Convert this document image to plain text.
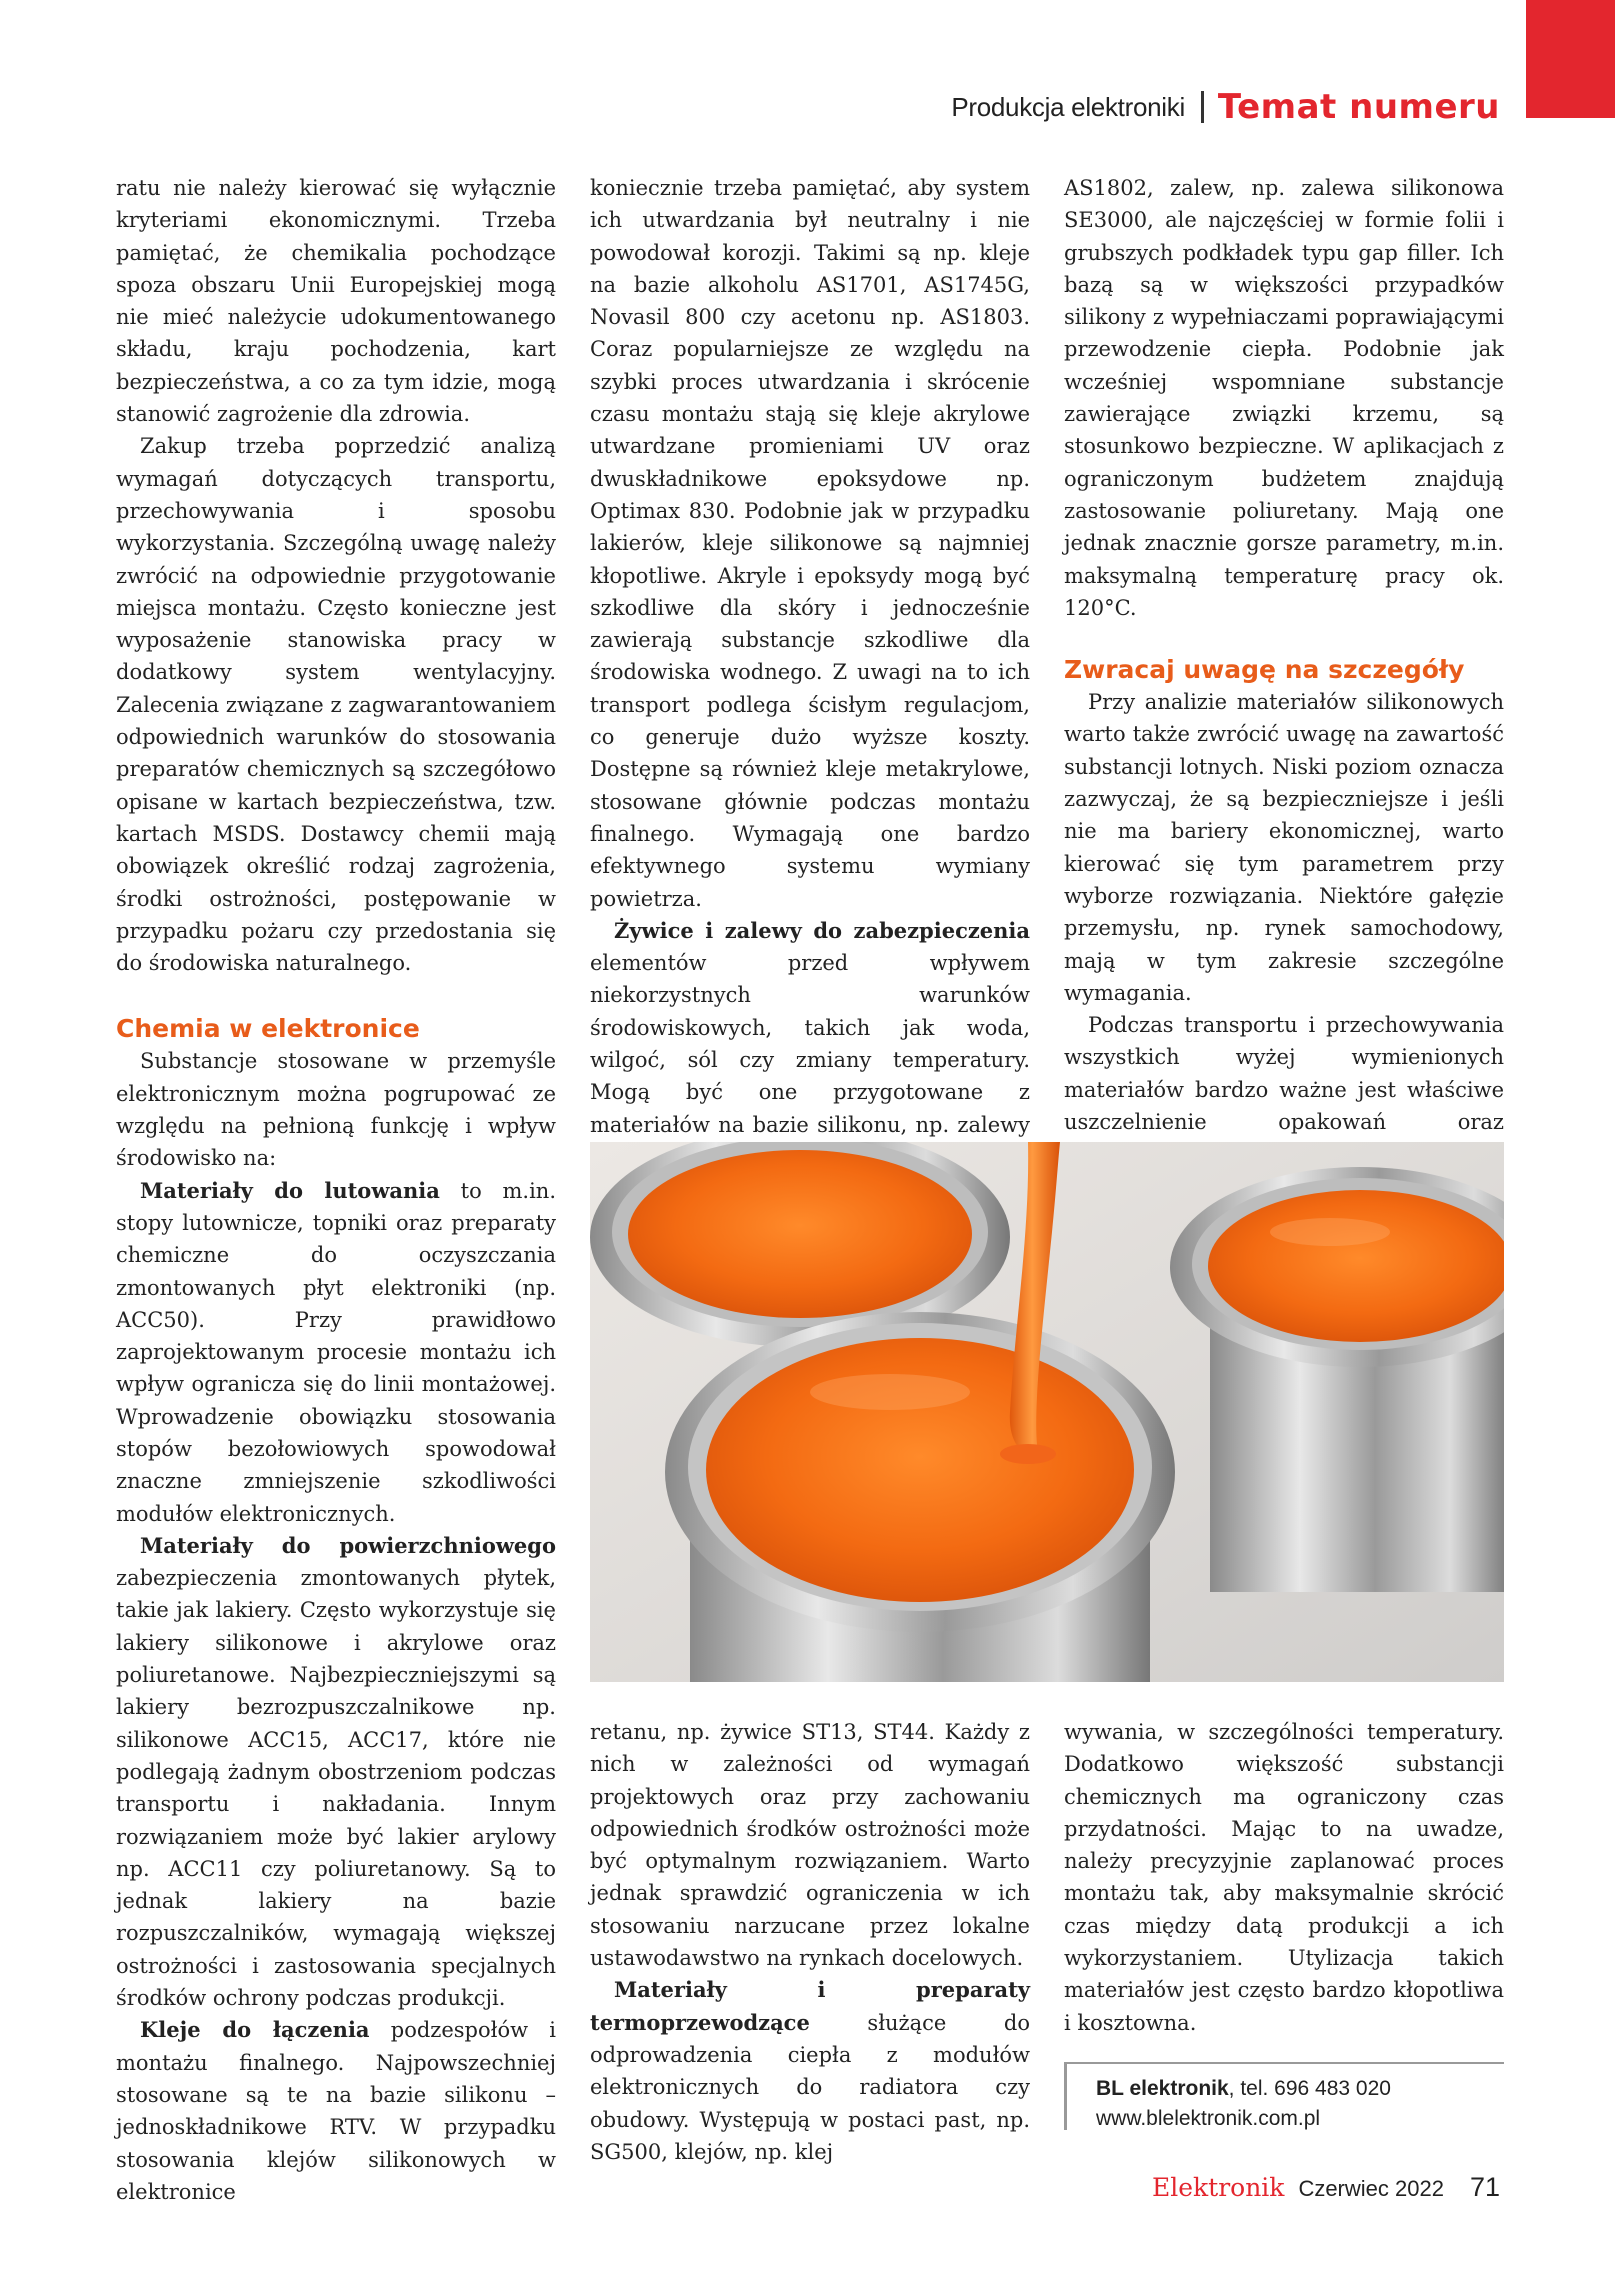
Produkcja elektroniki Temat numeru

ratu nie należy kierować się wyłącznie kryteriami ekonomicznymi. Trzeba pamiętać, że chemikalia pochodzące spoza obszaru Unii Europejskiej mogą nie mieć należycie udokumentowanego składu, kraju pochodzenia, kart bezpieczeństwa, a co za tym idzie, mogą stanowić zagrożenie dla zdrowia.

Zakup trzeba poprzedzić analizą wymagań dotyczących transportu, przechowywania i sposobu wykorzystania. Szczególną uwagę należy zwrócić na odpowiednie przygotowanie miejsca montażu. Często konieczne jest wyposażenie stanowiska pracy w dodatkowy system wentylacyjny. Zalecenia związane z zagwarantowaniem odpowiednich warunków do stosowania preparatów chemicznych są szczegółowo opisane w kartach bezpieczeństwa, tzw. kartach MSDS. Dostawcy chemii mają obowiązek określić rodzaj zagrożenia, środki ostrożności, postępowanie w przypadku pożaru czy przedostania się do środowiska naturalnego.

Chemia w elektronice

Substancje stosowane w przemyśle elektronicznym można pogrupować ze względu na pełnioną funkcję i wpływ środowisko na:

Materiały do lutowania to m.in. stopy lutownicze, topniki oraz preparaty chemiczne do oczyszczania zmontowanych płyt elektroniki (np. ACC50). Przy prawidłowo zaprojektowanym procesie montażu ich wpływ ogranicza się do linii montażowej. Wprowadzenie obowiązku stosowania stopów bezołowiowych spowodował znaczne zmniejszenie szkodliwości modułów elektronicznych.

Materiały do powierzchniowego zabezpieczenia zmontowanych płytek, takie jak lakiery. Często wykorzystuje się lakiery silikonowe i akrylowe oraz poliuretanowe. Najbezpieczniejszymi są lakiery bezrozpuszczalnikowe np. silikonowe ACC15, ACC17, które nie podlegają żadnym obostrzeniom podczas transportu i nakładania. Innym rozwiązaniem może być lakier arylowy np. ACC11 czy poliuretanowy. Są to jednak lakiery na bazie rozpuszczalników, wymagają większej ostrożności i zastosowania specjalnych środków ochrony podczas produkcji.

Kleje do łączenia podzespołów i montażu finalnego. Najpowszechniej stosowane są te na bazie silikonu – jednoskładnikowe RTV. W przypadku stosowania klejów silikonowych w elektronice

koniecznie trzeba pamiętać, aby system ich utwardzania był neutralny i nie powodował korozji. Takimi są np. kleje na bazie alkoholu AS1701, AS1745G, Novasil 800 czy acetonu np. AS1803. Coraz popularniejsze ze względu na szybki proces utwardzania i skrócenie czasu montażu stają się kleje akrylowe utwardzane promieniami UV oraz dwuskładnikowe epoksydowe np. Optimax 830. Podobnie jak w przypadku lakierów, kleje silikonowe są najmniej kłopotliwe. Akryle i epoksydy mogą być szkodliwe dla skóry i jednocześnie zawierają substancje szkodliwe dla środowiska wodnego. Z uwagi na to ich transport podlega ścisłym regulacjom, co generuje dużo wyższe koszty. Dostępne są również kleje metakrylowe, stosowane głównie podczas montażu finalnego. Wymagają one bardzo efektywnego systemu wymiany powietrza.

Żywice i zalewy do zabezpieczenia elementów przed wpływem niekorzystnych warunków środowiskowych, takich jak woda, wilgoć, sól czy zmiany temperatury. Mogą być one przygotowane z materiałów na bazie silikonu, np. zalewy

AS1802, zalew, np. zalewa silikonowa SE3000, ale najczęściej w formie folii i grubszych podkładek typu gap filler. Ich bazą są w większości przypadków silikony z wypełniaczami poprawiającymi przewodzenie ciepła. Podobnie jak wcześniej wspomniane substancje zawierające związki krzemu, są stosunkowo bezpieczne. W aplikacjach z ograniczonym budżetem znajdują zastosowanie poliuretany. Mają one jednak znacznie gorsze parametry, m.in. maksymalną temperaturę pracy ok. 120°C.

Zwracaj uwagę na szczegóły

Przy analizie materiałów silikonowych warto także zwrócić uwagę na zawartość substancji lotnych. Niski poziom oznacza zazwyczaj, że są bezpieczniejsze i jeśli nie ma bariery ekonomicznej, warto kierować się tym parametrem przy wyborze rozwiązania. Niektóre gałęzie przemysłu, np. rynek samochodowy, mają w tym zakresie szczególne wymagania.

Podczas transportu i przechowywania wszystkich wyżej wymienionych materiałów bardzo ważne jest właściwe uszczelnienie opakowań oraz

retanu, np. żywice ST13, ST44. Każdy z nich w zależności od wymagań projektowych oraz przy zachowaniu odpowiednich środków ostrożności może być optymalnym rozwiązaniem. Warto jednak sprawdzić ograniczenia w ich stosowaniu narzucane przez lokalne ustawodawstwo na rynkach docelowych.

Materiały i preparaty termoprzewodzące służące do odprowadzenia ciepła z modułów elektronicznych do radiatora czy obudowy. Występują w postaci past, np. SG500, klejów, np. klej

wywania, w szczególności temperatury. Dodatkowo większość substancji chemicznych ma ograniczony czas przydatności. Mając to na uwadze, należy precyzyjnie zaplanować proces montażu tak, aby maksymalnie skrócić czas między datą produkcji a ich wykorzystaniem. Utylizacja takich materiałów jest często bardzo kłopotliwa i kosztowna.

BL elektronik, tel. 696 483 020
www.blelektronik.com.pl
Elektronik Czerwiec 2022 71
